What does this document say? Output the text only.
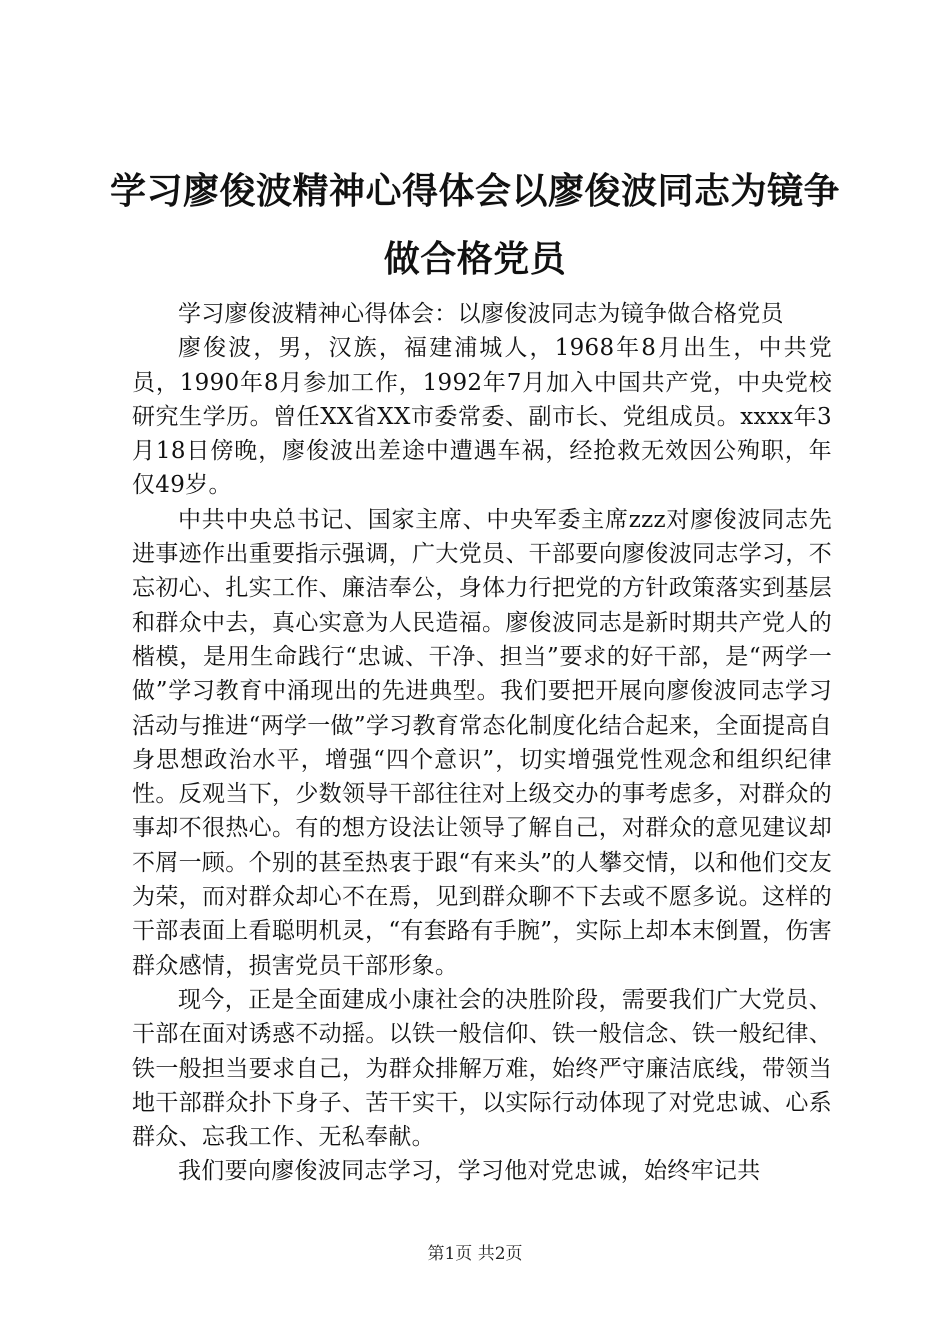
学习廖俊波精神心得体会以廖俊波同志为镜争做合格党员

学习廖俊波精神心得体会：以廖俊波同志为镜争做合格党员

廖俊波，男，汉族，福建浦城人，1968年8月出生，中共党员，1990年8月参加工作，1992年7月加入中国共产党，中央党校研究生学历。曾任XX省XX市委常委、副市长、党组成员。xxxx年3月18日傍晚，廖俊波出差途中遭遇车祸，经抢救无效因公殉职，年仅49岁。

中共中央总书记、国家主席、中央军委主席zzz对廖俊波同志先进事迹作出重要指示强调，广大党员、干部要向廖俊波同志学习，不忘初心、扎实工作、廉洁奉公，身体力行把党的方针政策落实到基层和群众中去，真心实意为人民造福。廖俊波同志是新时期共产党人的楷模，是用生命践行“忠诚、干净、担当”要求的好干部，是“两学一做”学习教育中涌现出的先进典型。我们要把开展向廖俊波同志学习活动与推进“两学一做”学习教育常态化制度化结合起来，全面提高自身思想政治水平，增强“四个意识”，切实增强党性观念和组织纪律性。反观当下，少数领导干部往往对上级交办的事考虑多，对群众的事却不很热心。有的想方设法让领导了解自己，对群众的意见建议却不屑一顾。个别的甚至热衷于跟“有来头”的人攀交情，以和他们交友为荣，而对群众却心不在焉，见到群众聊不下去或不愿多说。这样的干部表面上看聪明机灵，“有套路有手腕”，实际上却本末倒置，伤害群众感情，损害党员干部形象。

现今，正是全面建成小康社会的决胜阶段，需要我们广大党员、干部在面对诱惑不动摇。以铁一般信仰、铁一般信念、铁一般纪律、铁一般担当要求自己，为群众排解万难，始终严守廉洁底线，带领当地干部群众扑下身子、苦干实干，以实际行动体现了对党忠诚、心系群众、忘我工作、无私奉献。

我们要向廖俊波同志学习，学习他对党忠诚，始终牢记共

第1页 共2页
